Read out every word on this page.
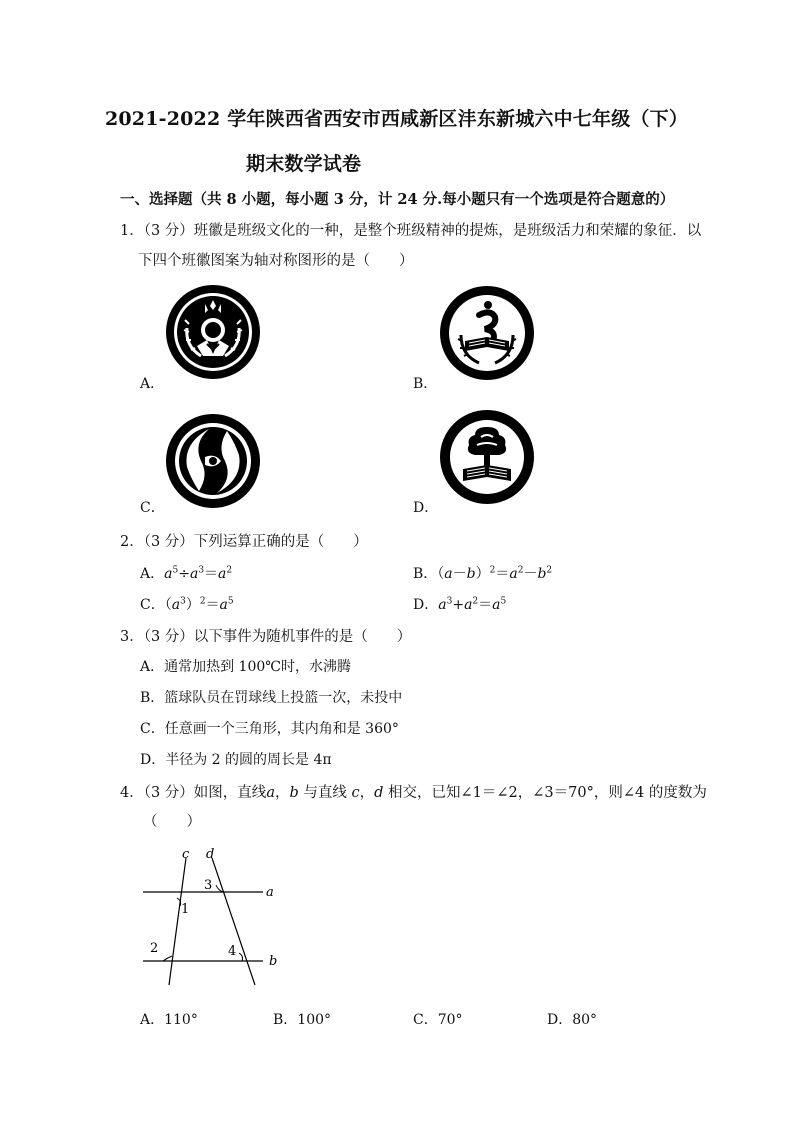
2021-2022 学年陕西省西安市西咸新区沣东新城六中七年级（下）
期末数学试卷
一、选择题（共 8 小题，每小题 3 分，计 24 分.每小题只有一个选项是符合题意的）
1．（3 分）班徽是班级文化的一种，是整个班级精神的提炼，是班级活力和荣耀的象征．以
下四个班徽图案为轴对称图形的是（　　）
A．	B．
C．	D．
2．（3 分）下列运算正确的是（　　）
A．$a^5\div a^3=a^2$	B．$(a-b)^2=a^2-b^2$
C．$(a^3)^2=a^5$	D．$a^3+a^2=a^5$
3．（3 分）以下事件为随机事件的是（　　）
A．通常加热到 100℃时，水沸腾
B．篮球队员在罚球线上投篮一次，未投中
C．任意画一个三角形，其内角和是 360°
D．半径为 2 的圆的周长是 4π
4．（3 分）如图，直线a，b 与直线 c，d 相交，已知∠1＝∠2，∠3＝70°，则∠4 的度数为
（　　）
c d
3	a
1
2	4
b
A．110°	B．100°	C．70°	D．80°
